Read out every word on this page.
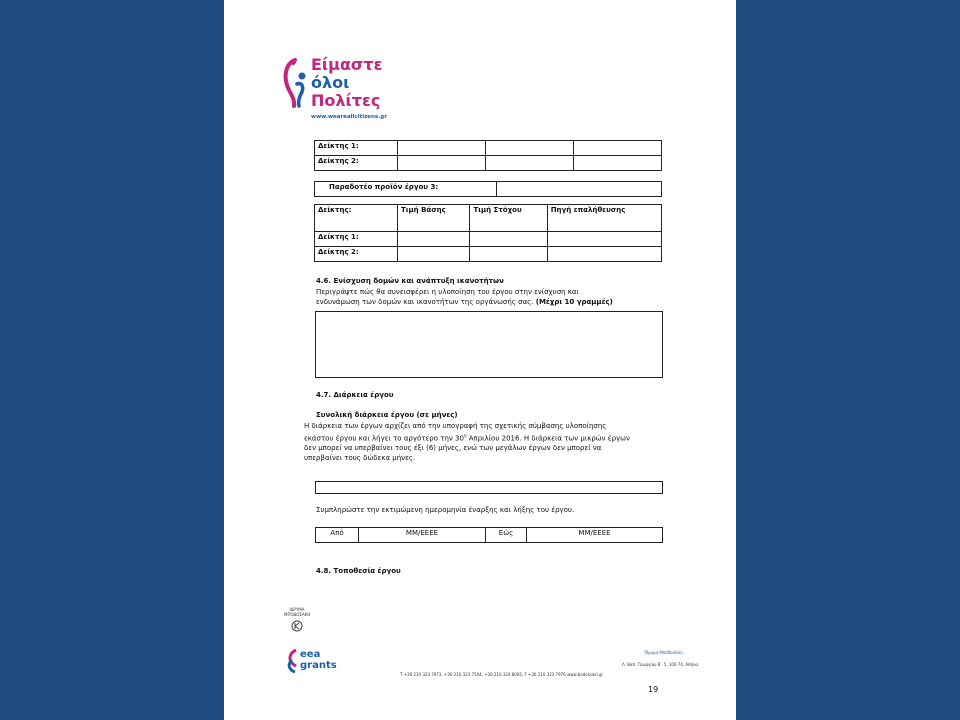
Είμαστε
όλοι
Πολίτες
www.weareallcitizens.gr
Δείκτης 1:			
Δείκτης 2:			
Παραδοτέο προϊόν έργου 3:	
Δείκτης:	Τιμή Βάσης	Τιμή Στόχου	Πηγή επαλήθευσης
Δείκτης 1:			
Δείκτης 2:			
4.6. Ενίσχυση δομών και ανάπτυξη ικανοτήτων
Περιγράψτε πώς θα συνεισφέρει η υλοποίηση του έργου στην ενίσχυση και
ενδυνάμωση των δομών και ικανοτήτων της οργάνωσής σας. (Μέχρι 10 γραμμές)
4.7. Διάρκεια έργου
Συνολική διάρκεια έργου (σε μήνες)
Η διάρκεια των έργων αρχίζει από την υπογραφή της σχετικής σύμβασης υλοποίησης
εκάστου έργου και λήγει το αργότερο την $30^\eta$ Απριλίου 2016. Η διάρκεια των μικρών έργων
δεν μπορεί να υπερβαίνει τους έξι (6) μήνες, ενώ των μεγάλων έργων δεν μπορεί να
υπερβαίνει τους δώδεκα μήνες.
Συμπληρώστε την εκτιμώμενη ημερομηνία έναρξης και λήξης του έργου.
Από	ΜΜ/ΕΕΕΕ	Εώς	ΜΜ/ΕΕΕΕ
4.8. Τοποθεσία έργου
ΙΔΡΥΜΑ
ΜΠΟΔΟΣΑΚΗ
eea
grants
Ίδρυμα Μποδοσάκη
Λ. Βασ. Γεωργίου Β΄ 5, 106 74, Αθήνα
T +30 210 323 7973, +30 210 323 7504, +30 210 324 8005, F +30 210 323 7976 www.bodossaki.gr
19
